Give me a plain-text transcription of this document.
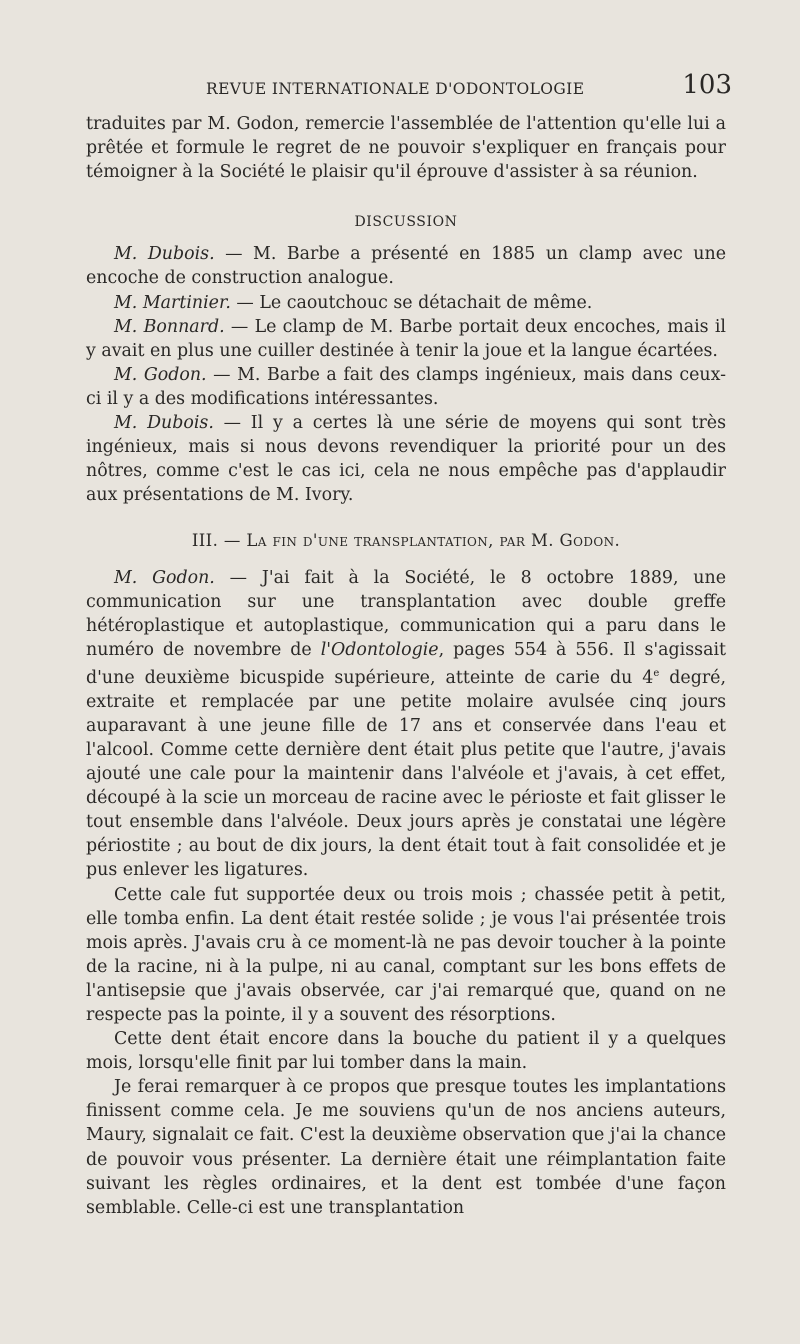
REVUE INTERNATIONALE D'ODONTOLOGIE	103

traduites par M. Godon, remercie l'assemblée de l'attention qu'elle lui a prêtée et formule le regret de ne pouvoir s'expliquer en français pour témoigner à la Société le plaisir qu'il éprouve d'assister à sa réunion.

DISCUSSION

M. Dubois. — M. Barbe a présenté en 1885 un clamp avec une encoche de construction analogue.

M. Martinier. — Le caoutchouc se détachait de même.

M. Bonnard. — Le clamp de M. Barbe portait deux encoches, mais il y avait en plus une cuiller destinée à tenir la joue et la langue écartées.

M. Godon. — M. Barbe a fait des clamps ingénieux, mais dans ceux-ci il y a des modifications intéressantes.

M. Dubois. — Il y a certes là une série de moyens qui sont très ingénieux, mais si nous devons revendiquer la priorité pour un des nôtres, comme c'est le cas ici, cela ne nous empêche pas d'applaudir aux présentations de M. Ivory.

III. — La fin d'une transplantation, par M. Godon.

M. Godon. — J'ai fait à la Société, le 8 octobre 1889, une communication sur une transplantation avec double greffe hétéroplastique et autoplastique, communication qui a paru dans le numéro de novembre de l'Odontologie, pages 554 à 556. Il s'agissait d'une deuxième bicuspide supérieure, atteinte de carie du 4e degré, extraite et remplacée par une petite molaire avulsée cinq jours auparavant à une jeune fille de 17 ans et conservée dans l'eau et l'alcool. Comme cette dernière dent était plus petite que l'autre, j'avais ajouté une cale pour la maintenir dans l'alvéole et j'avais, à cet effet, découpé à la scie un morceau de racine avec le périoste et fait glisser le tout ensemble dans l'alvéole. Deux jours après je constatai une légère périostite ; au bout de dix jours, la dent était tout à fait consolidée et je pus enlever les ligatures.

Cette cale fut supportée deux ou trois mois ; chassée petit à petit, elle tomba enfin. La dent était restée solide ; je vous l'ai présentée trois mois après. J'avais cru à ce moment-là ne pas devoir toucher à la pointe de la racine, ni à la pulpe, ni au canal, comptant sur les bons effets de l'antisepsie que j'avais observée, car j'ai remarqué que, quand on ne respecte pas la pointe, il y a souvent des résorptions.

Cette dent était encore dans la bouche du patient il y a quelques mois, lorsqu'elle finit par lui tomber dans la main.

Je ferai remarquer à ce propos que presque toutes les implantations finissent comme cela. Je me souviens qu'un de nos anciens auteurs, Maury, signalait ce fait. C'est la deuxième observation que j'ai la chance de pouvoir vous présenter. La dernière était une réimplantation faite suivant les règles ordinaires, et la dent est tombée d'une façon semblable. Celle-ci est une transplantation
